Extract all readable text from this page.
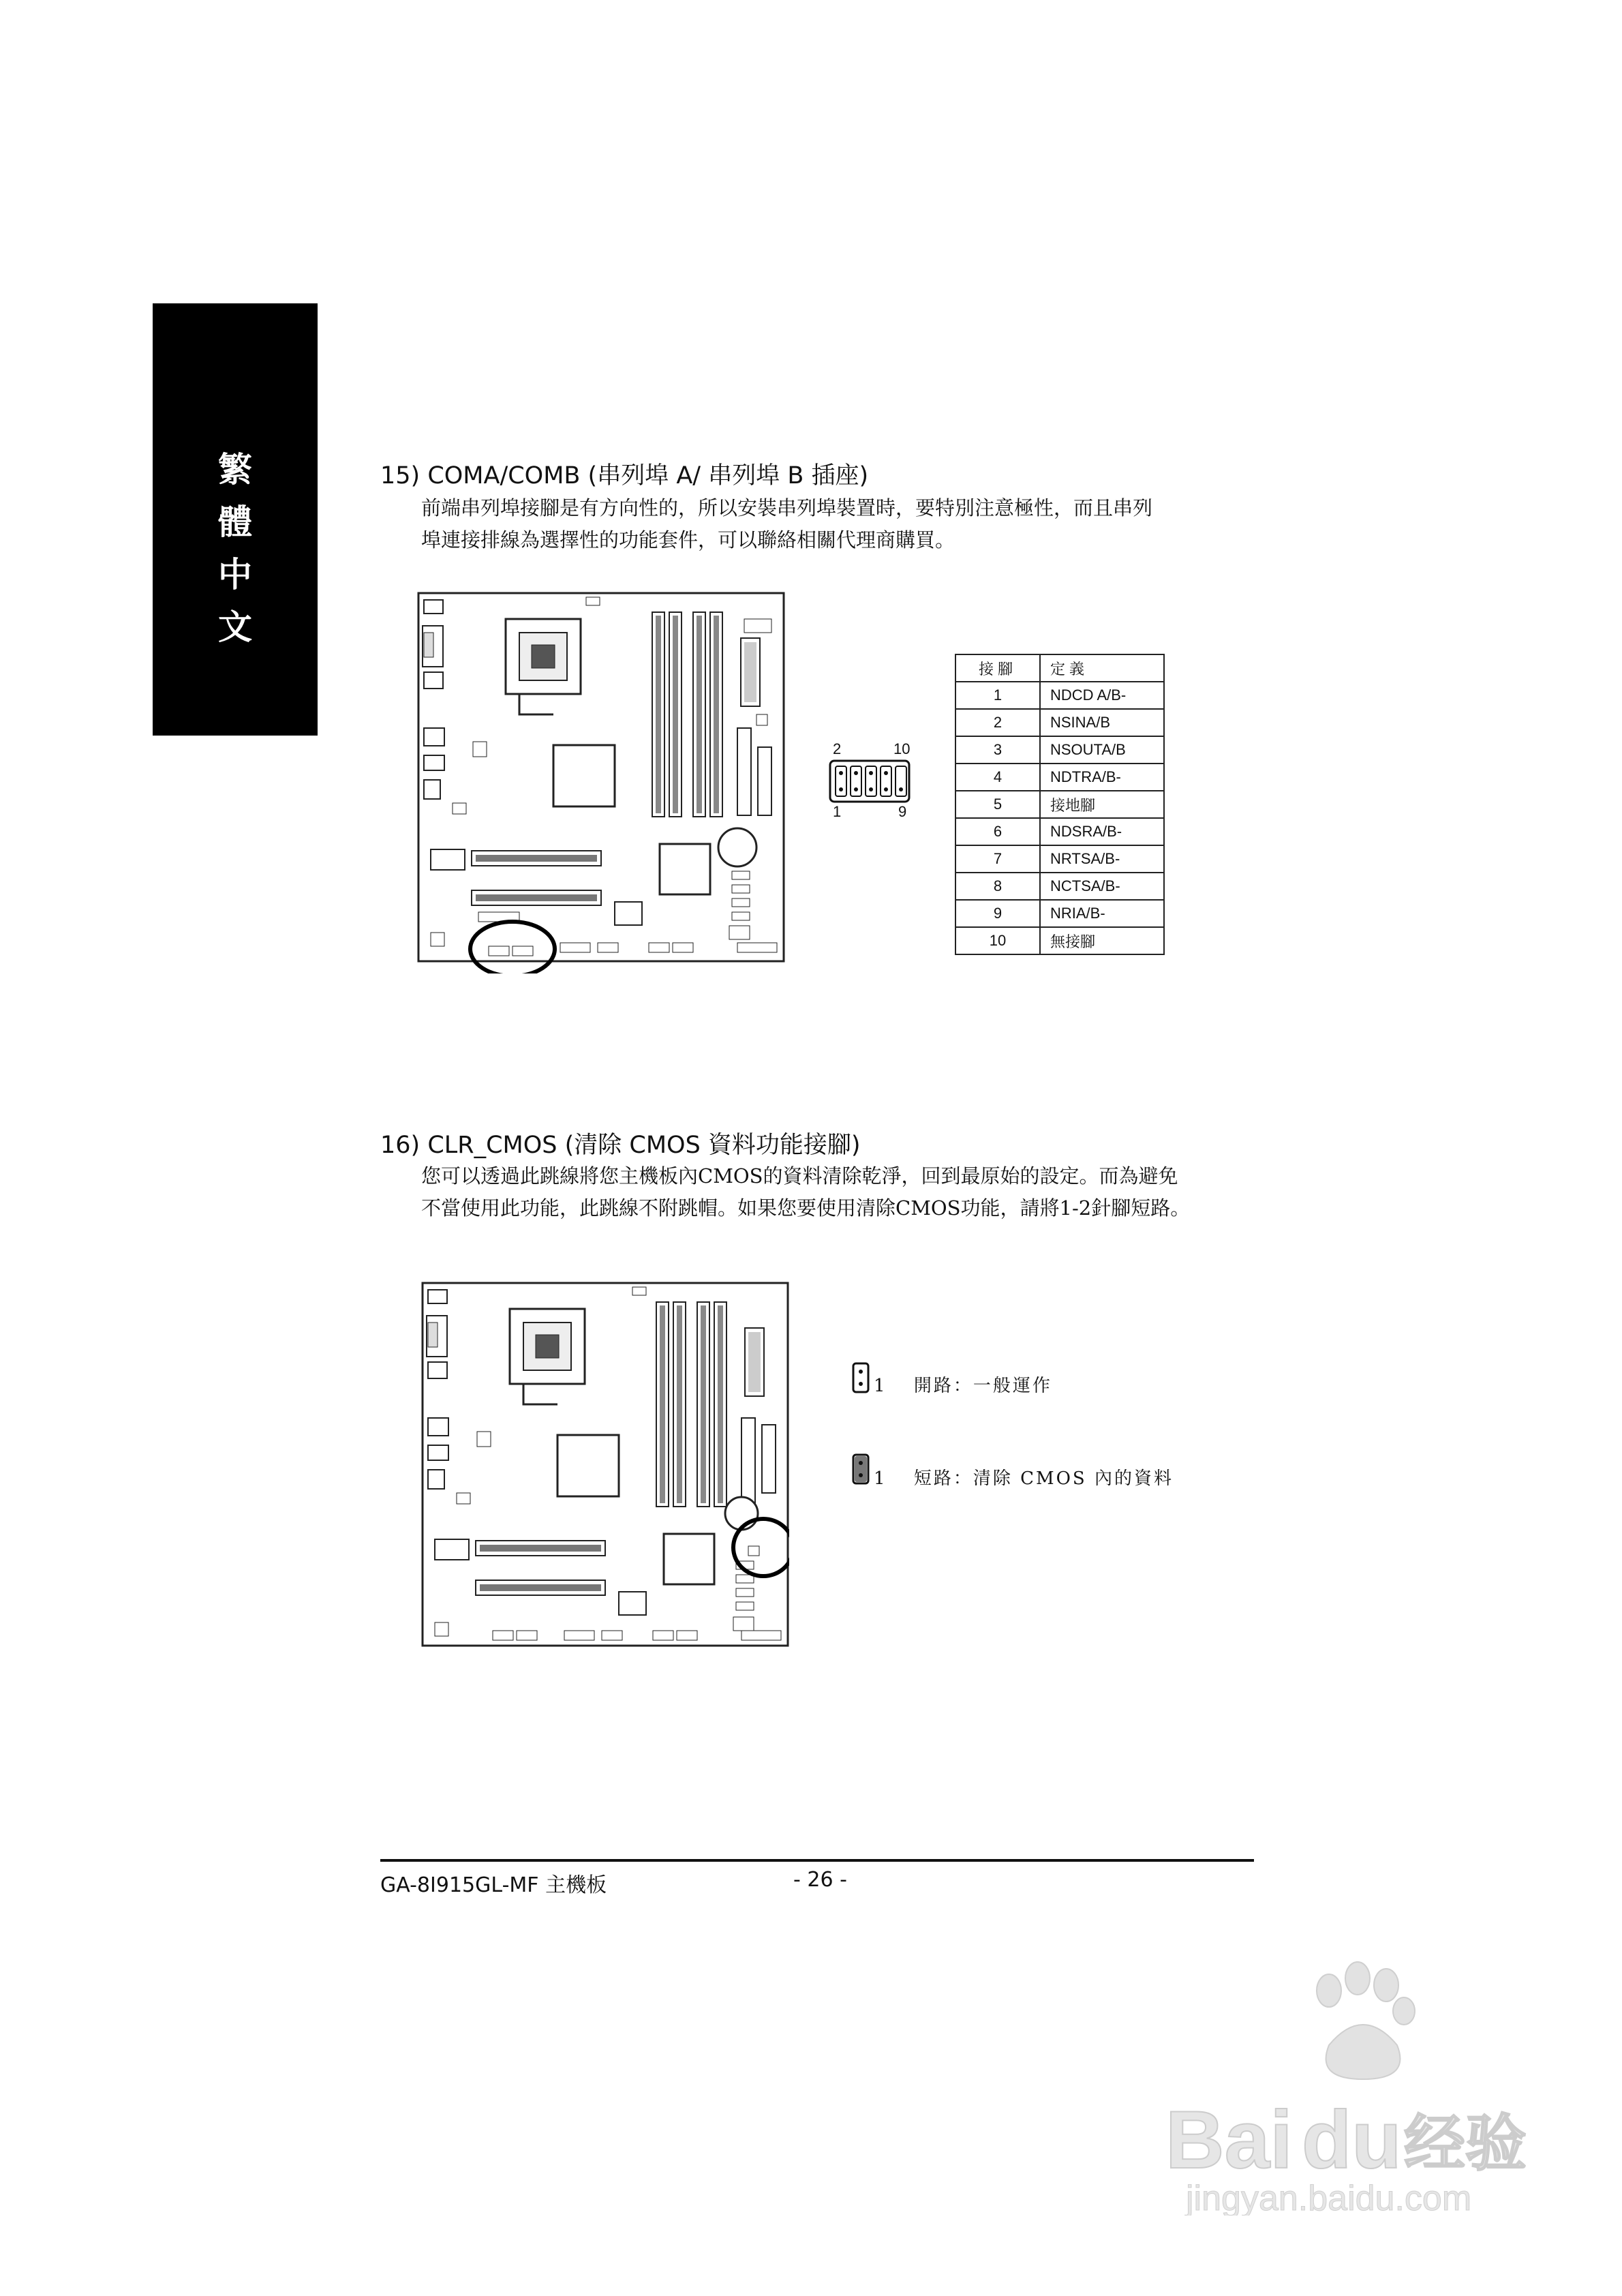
繁
體
中
文
15) COMA/COMB (串列埠 A/ 串列埠 B 插座)
前端串列埠接腳是有方向性的，所以安裝串列埠裝置時，要特別注意極性，而且串列
埠連接排線為選擇性的功能套件，可以聯絡相關代理商購買。
2	10
1	9
接腳	定義
1	NDCD A/B-
2	NSINA/B
3	NSOUTA/B
4	NDTRA/B-
5	接地腳
6	NDSRA/B-
7	NRTSA/B-
8	NCTSA/B-
9	NRIA/B-
10	無接腳
16) CLR_CMOS (清除 CMOS 資料功能接腳)
您可以透過此跳線將您主機板內CMOS的資料清除乾淨，回到最原始的設定。而為避免
不當使用此功能，此跳線不附跳帽。如果您要使用清除CMOS功能，請將1-2針腳短路。
1 開路：一般運作
1 短路：清除 CMOS 內的資料
GA-8I915GL-MF 主機板	- 26 -
Bai du 经验
jingyan.baidu.com
